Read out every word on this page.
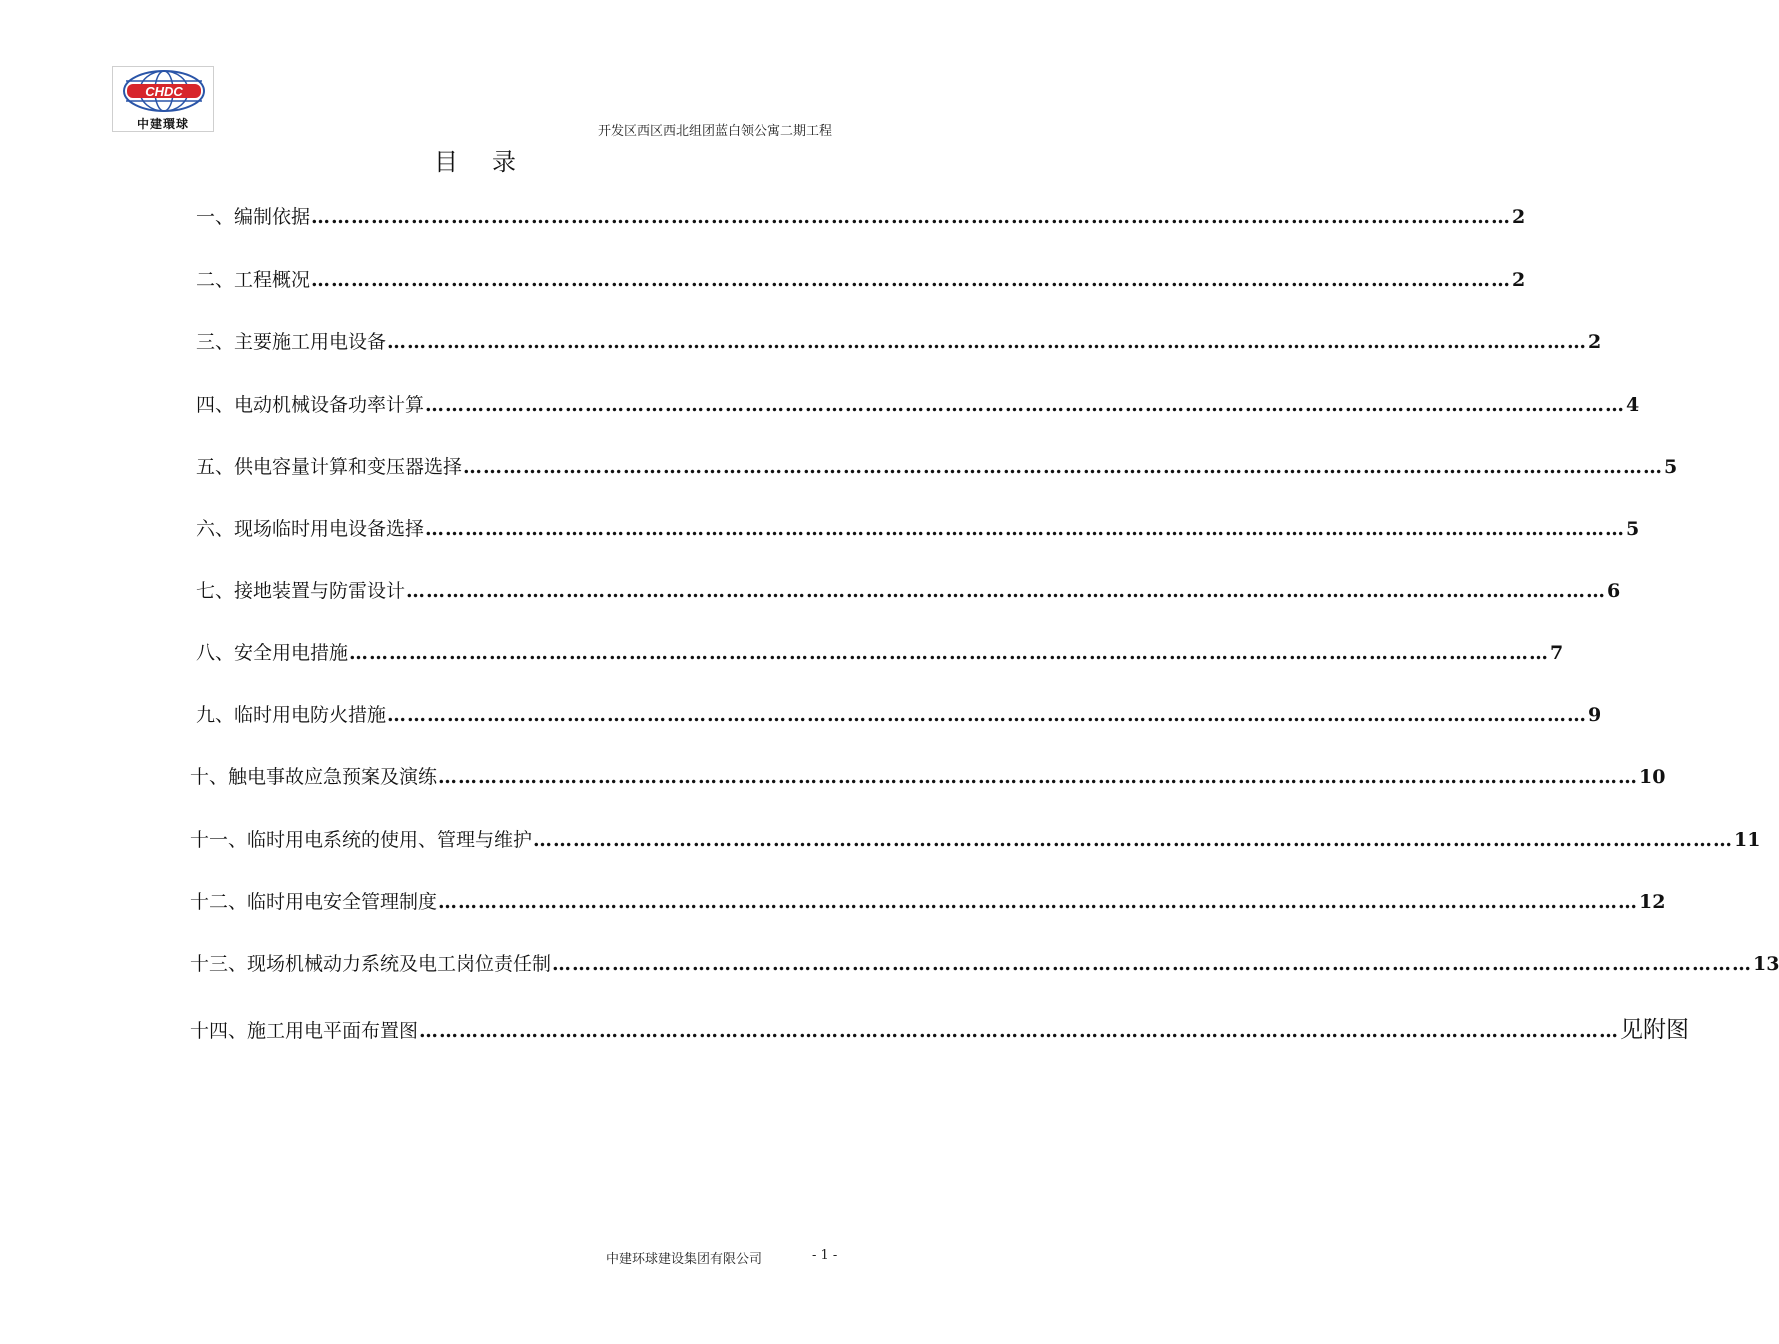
CHDC
中建環球	开发区西区西北组团蓝白领公寓二期工程
目录
一、 编制依据 ……………………………………………………………………………………………………………………………………………………………… 2
二、 工程概况 ……………………………………………………………………………………………………………………………………………………………… 2
三、 主要施工用电设备 ……………………………………………………………………………………………………………………………………………………………… 2
四、 电动机械设备功率计算 ……………………………………………………………………………………………………………………………………………………………… 4
五、 供电容量计算和变压器选择 ……………………………………………………………………………………………………………………………………………………………… 5
六、 现场临时用电设备选择 ……………………………………………………………………………………………………………………………………………………………… 5
七、 接地装置与防雷设计 ……………………………………………………………………………………………………………………………………………………………… 6
八、 安全用电措施 ……………………………………………………………………………………………………………………………………………………………… 7
九、 临时用电防火措施 ……………………………………………………………………………………………………………………………………………………………… 9
十、 触电事故应急预案及演练 ……………………………………………………………………………………………………………………………………………………………… 10
十一、 临时用电系统的使用、管理与维护 ……………………………………………………………………………………………………………………………………………………………… 11
十二、 临时用电安全管理制度 ……………………………………………………………………………………………………………………………………………………………… 12
十三、 现场机械动力系统及电工岗位责任制 ……………………………………………………………………………………………………………………………………………………………… 13
十四、 施工用电平面布置图 ……………………………………………………………………………………………………………………………………………………………… 见附图
中建环球建设集团有限公司	- 1 -
